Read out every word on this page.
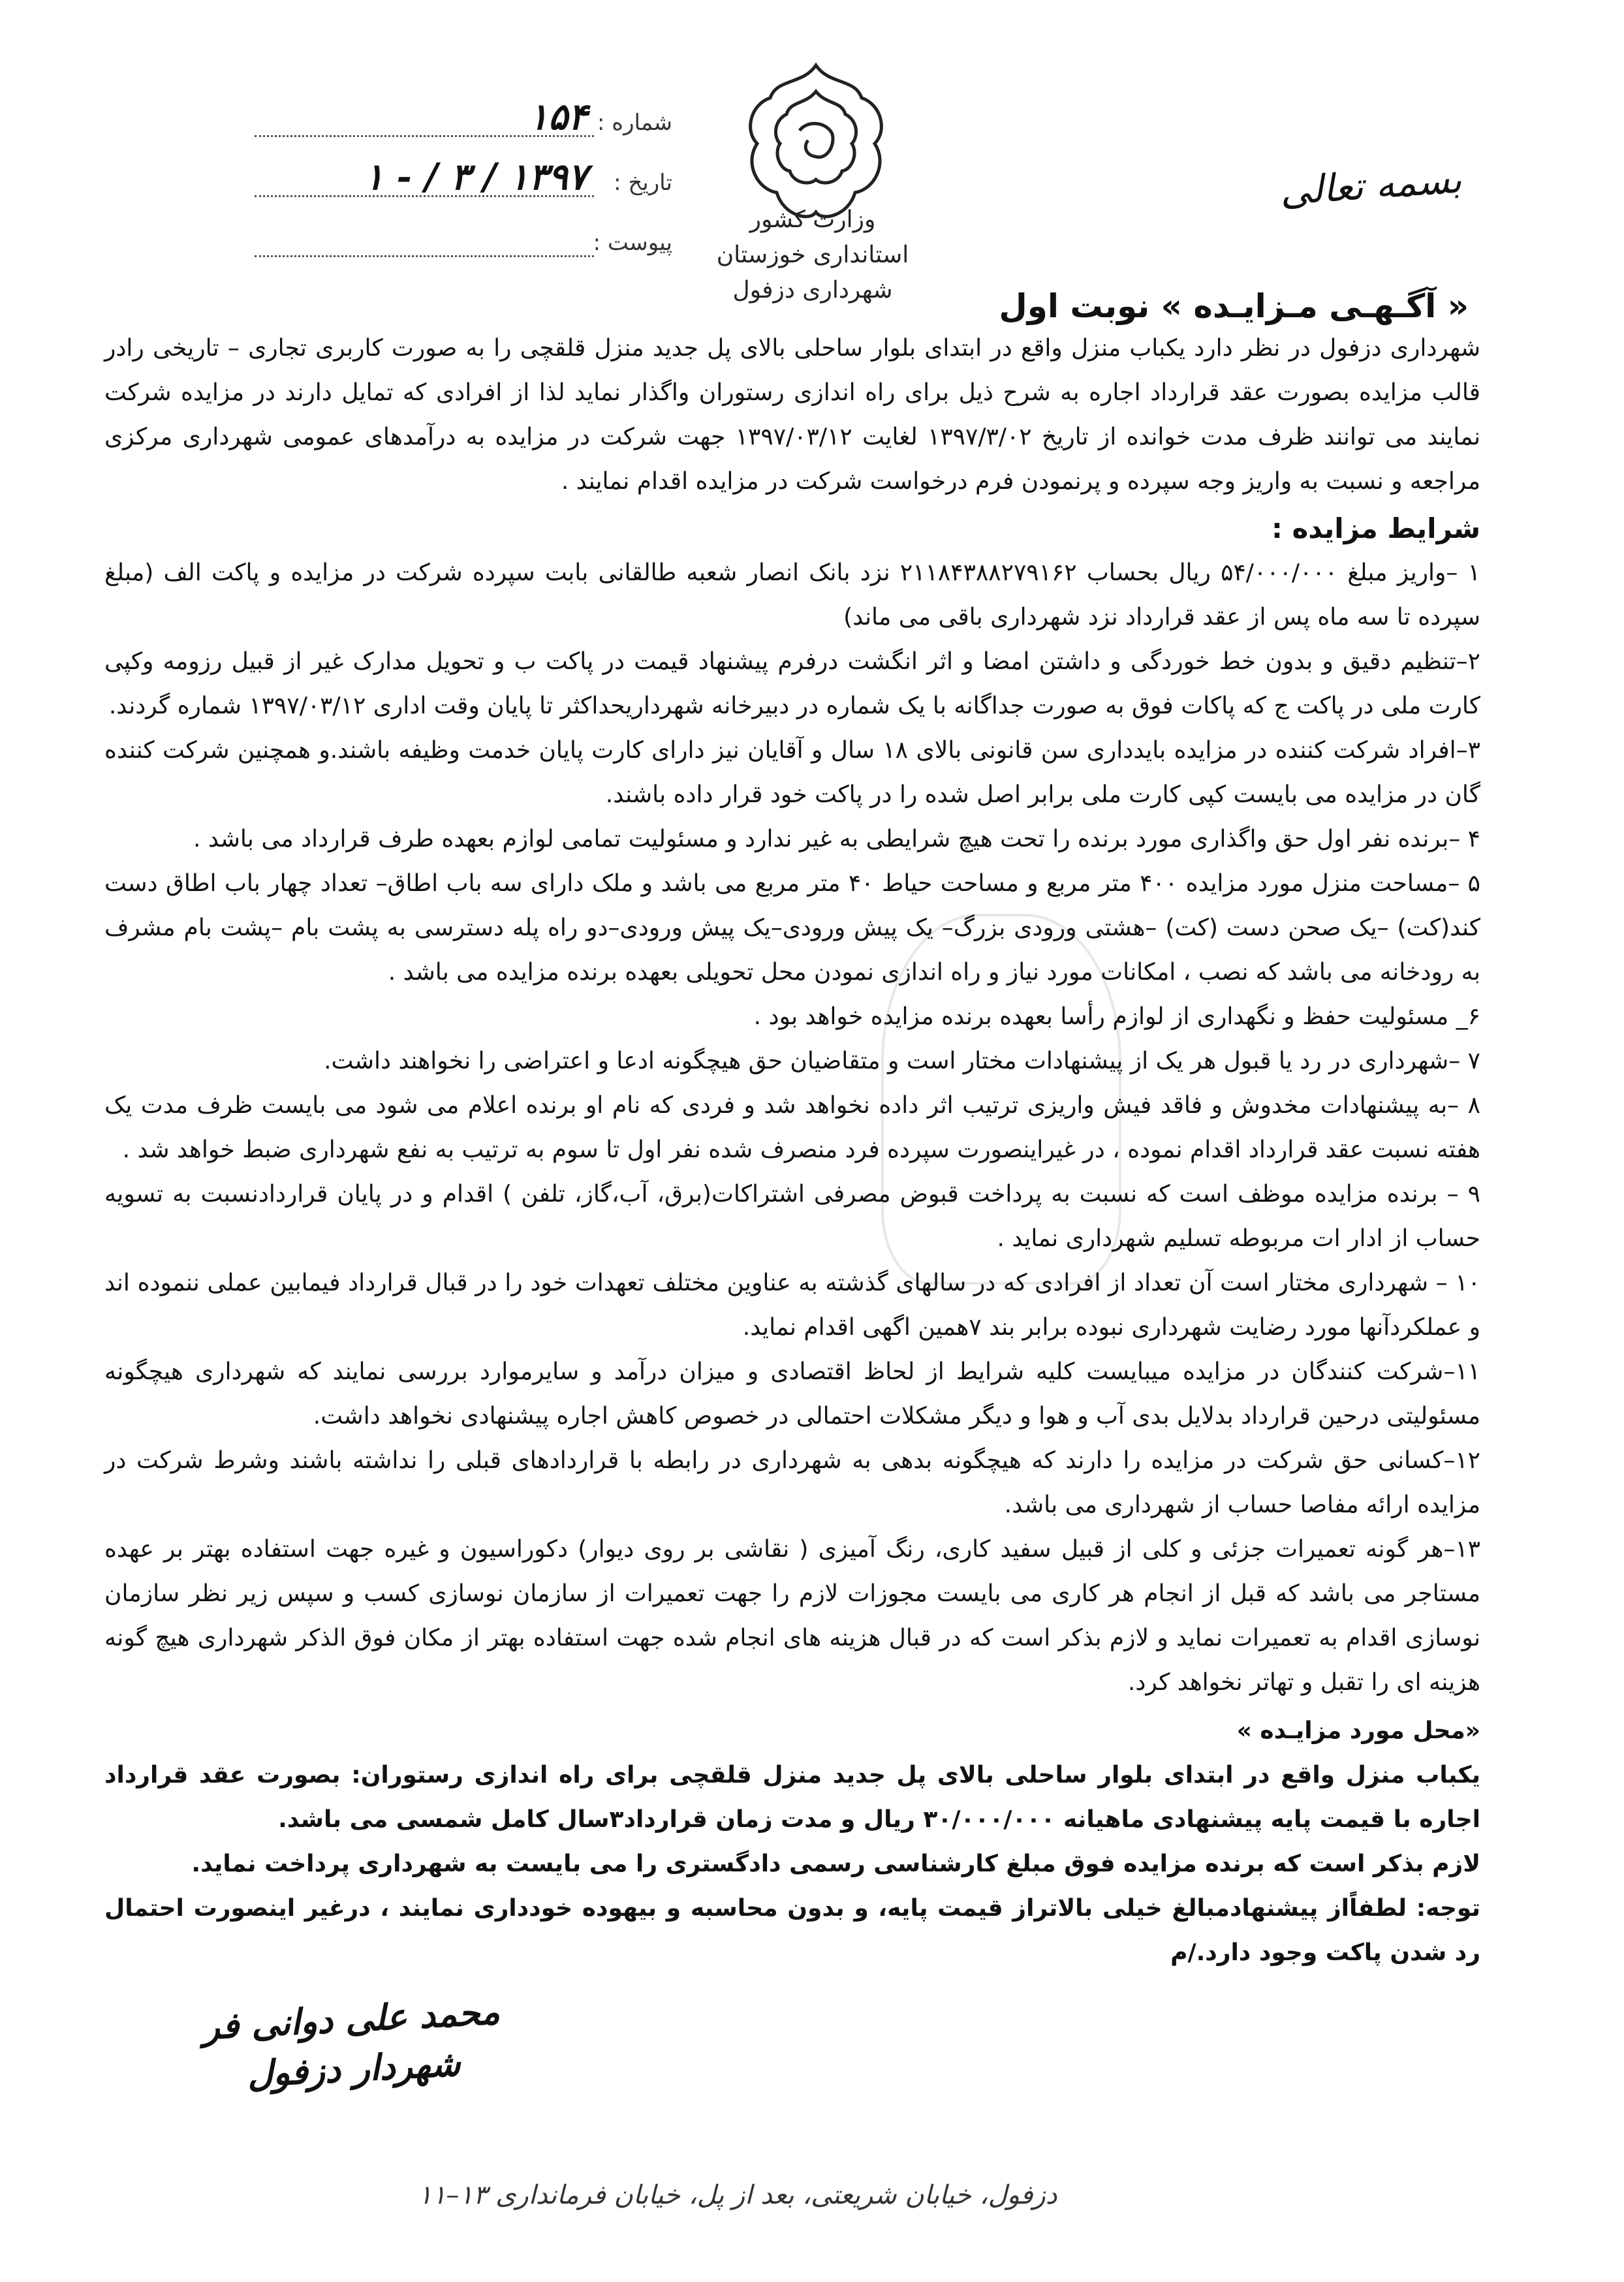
شماره :
۱۵۴
تاریخ :
۱۳۹۷ / ۳ / - ۱
پیوست :
وزارت کشور
استانداری خوزستان
شهرداری دزفول
بسمه تعالی
« آگـهـی مـزایـده » نوبت اول

شهرداری دزفول در نظر دارد یکباب منزل واقع در ابتدای بلوار ساحلی بالای پل جدید منزل قلقچی را به صورت کاربری تجاری – تاریخی رادر قالب مزایده بصورت عقد قرارداد اجاره به شرح ذیل برای راه اندازی رستوران واگذار نماید لذا از افرادی که تمایل دارند در مزایده شرکت نمایند می توانند ظرف مدت خوانده از تاریخ ۱۳۹۷/۳/۰۲ لغایت ۱۳۹۷/۰۳/۱۲ جهت شرکت در مزایده به درآمدهای عمومی شهرداری مرکزی مراجعه و نسبت به واریز وجه سپرده و پرنمودن فرم درخواست شرکت در مزایده اقدام نمایند .

شرایط مزایده :

۱ –واریز مبلغ ۵۴/۰۰۰/۰۰۰ ریال بحساب ۲۱۱۸۴۳۸۸۲۷۹۱۶۲ نزد بانک انصار شعبه طالقانی بابت سپرده شرکت در مزایده و پاکت الف (مبلغ سپرده تا سه ماه پس از عقد قرارداد نزد شهرداری باقی می ماند)

۲–تنظیم دقیق و بدون خط خوردگی و داشتن امضا و اثر انگشت درفرم پیشنهاد قیمت در پاکت ب و تحویل مدارک غیر از قبیل رزومه وکپی کارت ملی در پاکت ج که پاکات فوق به صورت جداگانه با یک شماره در دبیرخانه شهرداریحداکثر تا پایان وقت اداری ۱۳۹۷/۰۳/۱۲ شماره گردند.

۳–افراد شرکت کننده در مزایده بایدداری سن قانونی بالای ۱۸ سال و آقایان نیز دارای کارت پایان خدمت وظیفه باشند.و همچنین شرکت کننده گان در مزایده می بایست کپی کارت ملی برابر اصل شده را در پاکت خود قرار داده باشند.

۴ –برنده نفر اول حق واگذاری مورد برنده را تحت هیچ شرایطی به غیر ندارد و مسئولیت تمامی لوازم بعهده طرف قرارداد می باشد .

۵ –مساحت منزل مورد مزایده ۴۰۰ متر مربع و مساحت حیاط ۴۰ متر مربع می باشد و ملک دارای سه باب اطاق– تعداد چهار باب اطاق دست کند(کت) –یک صحن دست (کت) –هشتی ورودی بزرگ– یک پیش ورودی–یک پیش ورودی–دو راه پله دسترسی به پشت بام –پشت بام مشرف به رودخانه می باشد که نصب ، امکانات مورد نیاز و راه اندازی نمودن محل تحویلی بعهده برنده مزایده می باشد .

۶_ مسئولیت حفظ و نگهداری از لوازم رأسا بعهده برنده مزایده خواهد بود .

۷ –شهرداری در رد یا قبول هر یک از پیشنهادات مختار است و متقاضیان حق هیچگونه ادعا و اعتراضی را نخواهند داشت.

۸ –به پیشنهادات مخدوش و فاقد فیش واریزی ترتیب اثر داده نخواهد شد و فردی که نام او برنده اعلام می شود می بایست ظرف مدت یک هفته نسبت عقد قرارداد اقدام نموده ، در غیراینصورت سپرده فرد منصرف شده نفر اول تا سوم به ترتیب به نفع شهرداری ضبط خواهد شد .

۹ – برنده مزایده موظف است که نسبت به پرداخت قبوض مصرفی اشتراکات(برق، آب،گاز، تلفن ) اقدام و در پایان قراردادنسبت به تسویه حساب از ادار ات مربوطه تسلیم شهرداری نماید .

۱۰ – شهرداری مختار است آن تعداد از افرادی که در سالهای گذشته به عناوین مختلف تعهدات خود را در قبال قرارداد فیمابین عملی ننموده اند و عملکردآنها مورد رضایت شهرداری نبوده برابر بند ۷همین اگهی اقدام نماید.

۱۱–شرکت کنندگان در مزایده میبایست کلیه شرایط از لحاظ اقتصادی و میزان درآمد و سایرموارد بررسی نمایند که شهرداری هیچگونه مسئولیتی درحین قرارداد بدلایل بدی آب و هوا و دیگر مشکلات احتمالی در خصوص کاهش اجاره پیشنهادی نخواهد داشت.

۱۲–کسانی حق شرکت در مزایده را دارند که هیچگونه بدهی به شهرداری در رابطه با قراردادهای قبلی را نداشته باشند وشرط شرکت در مزایده ارائه مفاصا حساب از شهرداری می باشد.

۱۳–هر گونه تعمیرات جزئی و کلی از قبیل سفید کاری، رنگ آمیزی ( نقاشی بر روی دیوار) دکوراسیون و غیره جهت استفاده بهتر بر عهده مستاجر می باشد که قبل از انجام هر کاری می بایست مجوزات لازم را جهت تعمیرات از سازمان نوسازی کسب و سپس زیر نظر سازمان نوسازی اقدام به تعمیرات نماید و لازم بذکر است که در قبال هزینه های انجام شده جهت استفاده بهتر از مکان فوق الذکر شهرداری هیچ گونه هزینه ای را تقبل و تهاتر نخواهد کرد.

«محل مورد مزایـده »

یکباب منزل واقع در ابتدای بلوار ساحلی بالای پل جدید منزل قلقچی برای راه اندازی رستوران: بصورت عقد قرارداد اجاره با قیمت پایه پیشنهادی ماهیانه ۳۰/۰۰۰/۰۰۰ ریال و مدت زمان قرارداد۳سال کامل شمسی می باشد.

لازم بذکر است که برنده مزایده فوق مبلغ کارشناسی رسمی دادگستری را می بایست به شهرداری پرداخت نماید.

توجه: لطفاًاز پیشنهادمبالغ خیلی بالاتراز قیمت پایه، و بدون محاسبه و بیهوده خودداری نمایند ، درغیر اینصورت احتمال رد شدن پاکت وجود دارد./م

محمد علی دوانی فر
شهردار دزفول
دزفول، خیابان شریعتی، بعد از پل، خیابان فرمانداری ۱۳–۱۱
